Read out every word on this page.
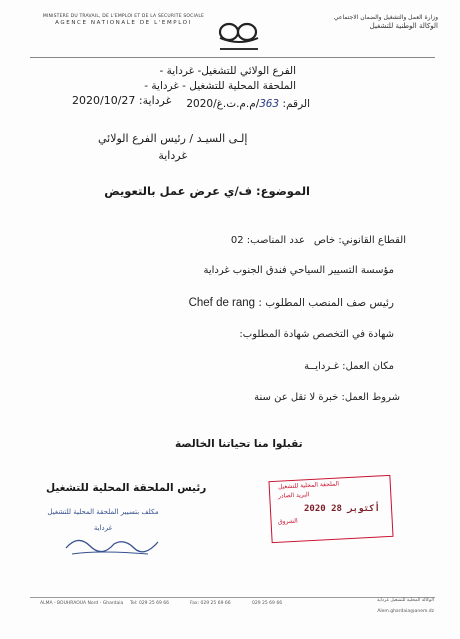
MINISTERE DU TRAVAIL, DE L'EMPLOI ET DE LA SECURITE SOCIALE
AGENCE NATIONALE DE L'EMPLOI
وزارة العمل والتشغيل والضمان الاجتماعي
الوكالة الوطنية للتشغيل
الفرع الولائي للتشغيل- غرداية -
الملحقة المحلية للتشغيل - غرداية -
الرقم: 363/م.م.ت.غ/2020
غرداية: 2020/10/27
إلـى السيـد / رئيس الفرع الولائي
غرداية
الموضوع: ف/ي عرض عمل بالتعويض
القطاع القانوني: خاص
عدد المناصب: 02
مؤسسة التسيير السياحي فندق الجنوب غرداية
رئيس صف المنصب المطلوب : Chef de rang
شهادة في التخصص شهادة المطلوب:
مكان العمل: غـردايــة
شروط العمل: خبرة لا تقل عن سنة
تقبلوا منا تحياتنا الخالصة
رئيس الملحقة المحلية للتشغيل
مكلف بتسيير الملحقة المحلية للتشغيل
غرداية
الملحقة المحلية للتشغيل
البريد الصادر
2020 28 أكتوبر
الشروق
ALMA - BOUHRAOUA Nord - Ghardaia Tel: 029 25 69 66	Fax: 029 25 69 66	029 25 69 66
الوكالة المحلية للتشغيل غرداية
Alem.ghardaia@anem.dz
